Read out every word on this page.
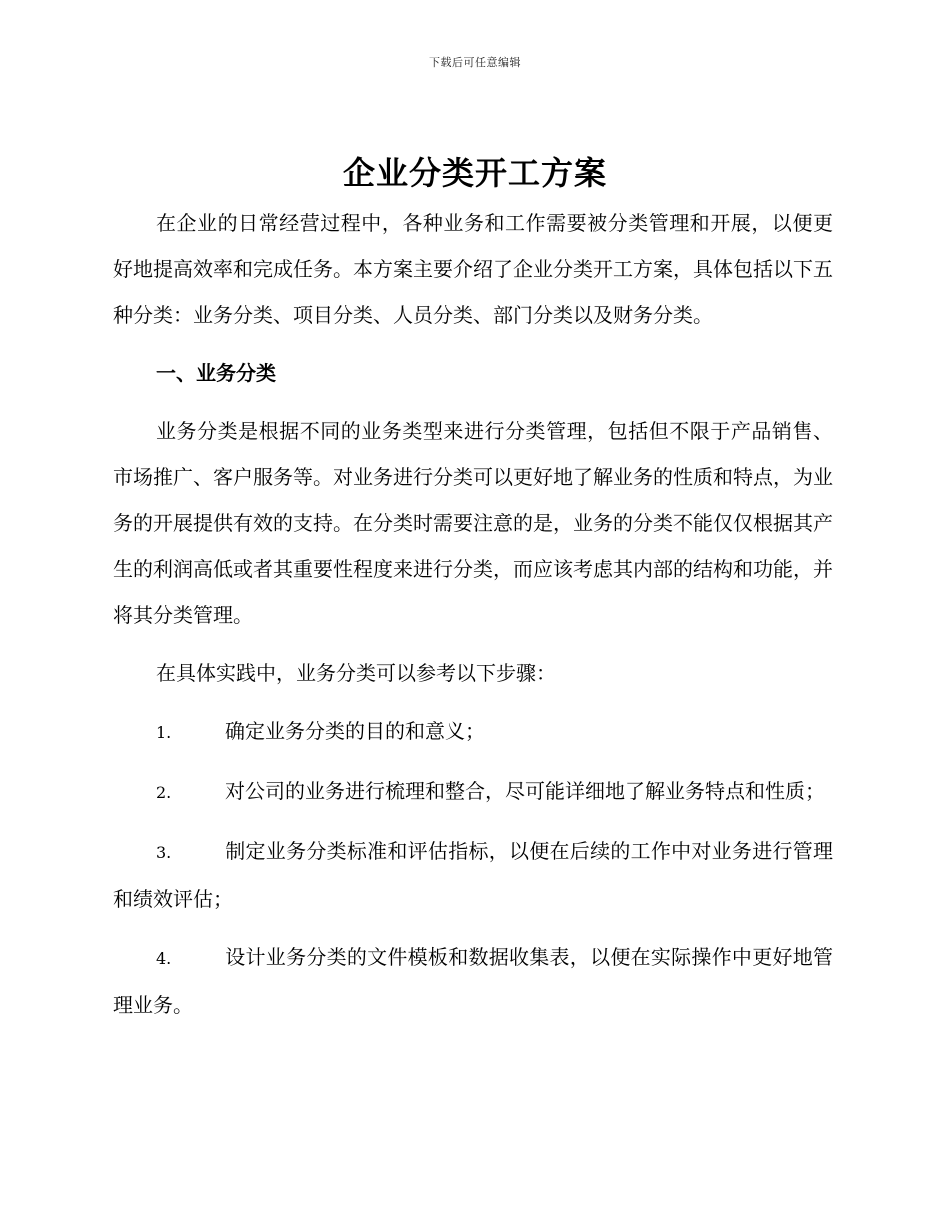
下载后可任意编辑
企业分类开工方案

在企业的日常经营过程中，各种业务和工作需要被分类管理和开展，以便更好地提高效率和完成任务。本方案主要介绍了企业分类开工方案，具体包括以下五种分类：业务分类、项目分类、人员分类、部门分类以及财务分类。

一、业务分类

业务分类是根据不同的业务类型来进行分类管理，包括但不限于产品销售、市场推广、客户服务等。对业务进行分类可以更好地了解业务的性质和特点，为业务的开展提供有效的支持。在分类时需要注意的是，业务的分类不能仅仅根据其产生的利润高低或者其重要性程度来进行分类，而应该考虑其内部的结构和功能，并将其分类管理。

在具体实践中，业务分类可以参考以下步骤：

1.	确定业务分类的目的和意义；

2.	对公司的业务进行梳理和整合，尽可能详细地了解业务特点和性质；

3.	制定业务分类标准和评估指标，以便在后续的工作中对业务进行管理和绩效评估；

4.	设计业务分类的文件模板和数据收集表，以便在实际操作中更好地管理业务。
